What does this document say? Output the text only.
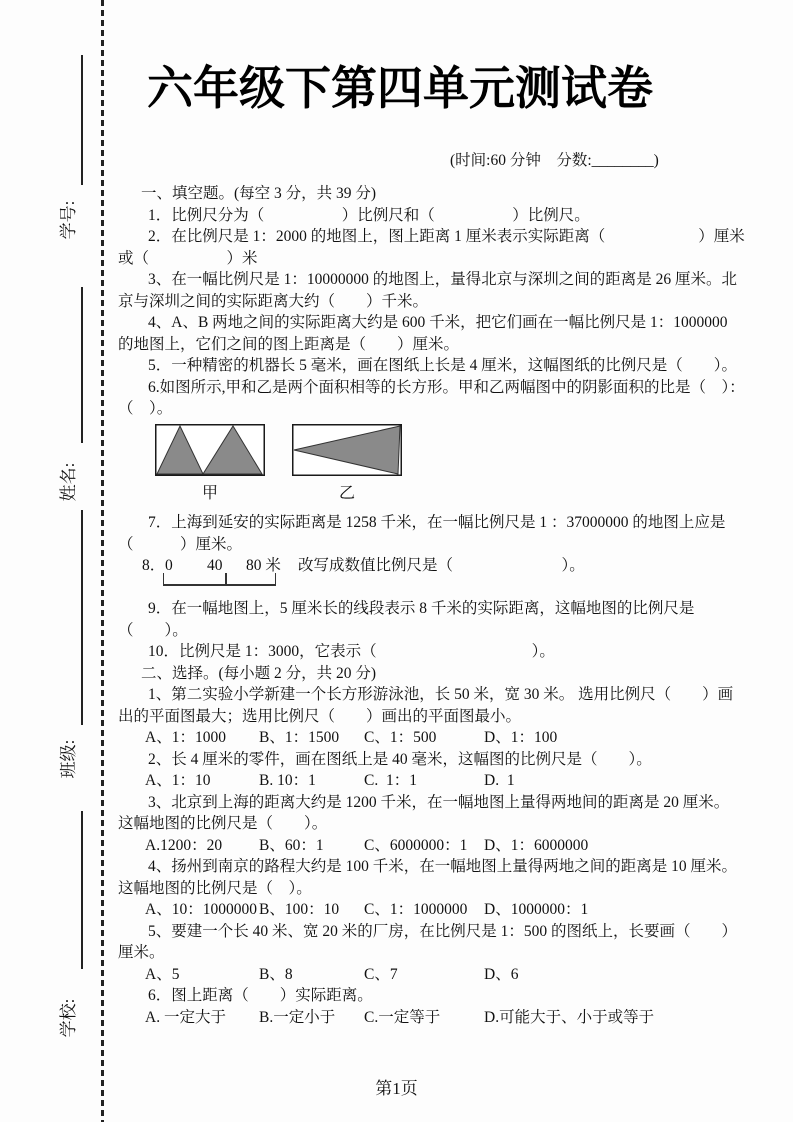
学号:
姓名:
班级:
学校:
六年级下第四单元测试卷
(时间:60 分钟　分数:________)
一、填空题。(每空 3 分，共 39 分)
1．比例尺分为（　　　　　）比例尺和（　　　　　）比例尺。
2．在比例尺是 1：2000 的地图上，图上距离 1 厘米表示实际距离（　　　　　　）厘米
或（　　　　　）米
3、在一幅比例尺是 1：10000000 的地图上，量得北京与深圳之间的距离是 26 厘米。北
京与深圳之间的实际距离大约（　　）千米。
4、A、B 两地之间的实际距离大约是 600 千米，把它们画在一幅比例尺是 1：1000000
的地图上，它们之间的图上距离是（　　）厘米。
5．一种精密的机器长 5 毫米，画在图纸上长是 4 厘米，这幅图纸的比例尺是（　　）。
6.如图所示,甲和乙是两个面积相等的长方形。甲和乙两幅图中的阴影面积的比是（　）：
（　）。
7．上海到延安的实际距离是 1258 千米，在一幅比例尺是 1 ：37000000 的地图上应是
（　　　）厘米。
8．0 40 80 米 改写成数值比例尺是（　　　　　　　）。
9．在一幅地图上，5 厘米长的线段表示 8 千米的实际距离，这幅地图的比例尺是
（　　）。
10．比例尺是 1：3000，它表示（　　　　　　　　　　）。
二、选择。(每小题 2 分，共 20 分)
1、第二实验小学新建一个长方形游泳池，长 50 米，宽 30 米。 选用比例尺（　　）画
出的平面图最大；选用比例尺（　　）画出的平面图最小。
A、1：1000 B、1：1500 C、1：500	D、1：100
2、长 4 厘米的零件，画在图纸上是 40 毫米，这幅图的比例尺是（　　）。
A、1：10	B. 10：1	C.  1：1	D.  1
3、北京到上海的距离大约是 1200 千米，在一幅地图上量得两地间的距离是 20 厘米。
这幅地图的比例尺是（　　）。
A.1200：20 B、60：1	C、6000000：1 D、1：6000000
4、扬州到南京的路程大约是 100 千米，在一幅地图上量得两地之间的距离是 10 厘米。
这幅地图的比例尺是（　）。
A、10：1000000 B、100：10 C、1：1000000 D、1000000：1
5、要建一个长 40 米、宽 20 米的厂房，在比例尺是 1：500 的图纸上，长要画（　　）
厘米。
A、5	B、8	C、7	D、6
6．图上距离（　　）实际距离。
A. 一定大于 B.一定小于 C.一定等于	D.可能大于、小于或等于
甲	乙
第1页
